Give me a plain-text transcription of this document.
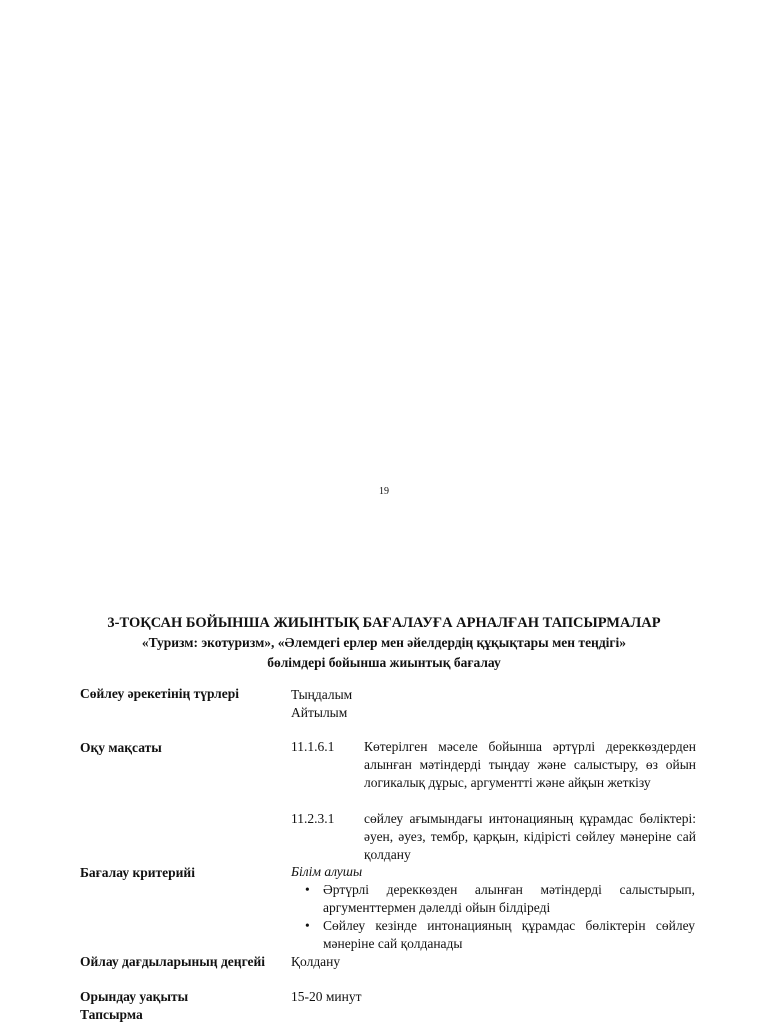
19
3-ТОҚСАН БОЙЫНША ЖИЫНТЫҚ БАҒАЛАУҒА АРНАЛҒАН ТАПСЫРМАЛАР
«Туризм: экотуризм», «Әлемдегі ерлер мен әйелдердің құқықтары мен теңдігі» бөлімдері бойынша жиынтық бағалау
Сөйлеу әрекетінің түрлері	Тыңдалым
Айтылым
Оқу мақсаты	11.1.6.1	Көтерілген мәселе бойынша әртүрлі дереккөздерден алынған мәтіндерді тыңдау және салыстыру, өз ойын логикалық дұрыс, аргументті және айқын жеткізу
11.2.3.1	сөйлеу ағымындағы интонацияның құрамдас бөліктері: әуен, әуез, тембр, қарқын, кідірісті сөйлеу мәнеріне сай қолдану
Бағалау критерийі	Білім алушы
• Әртүрлі дереккөзден алынған мәтіндерді салыстырып, аргументтермен дәлелді ойын білдіреді
• Сөйлеу кезінде интонацияның құрамдас бөліктерін сөйлеу мәнеріне сай қолданады
Ойлау дағдыларының деңгейі	Қолдану
Орындау уақыты	15-20 минут
Тапсырма
